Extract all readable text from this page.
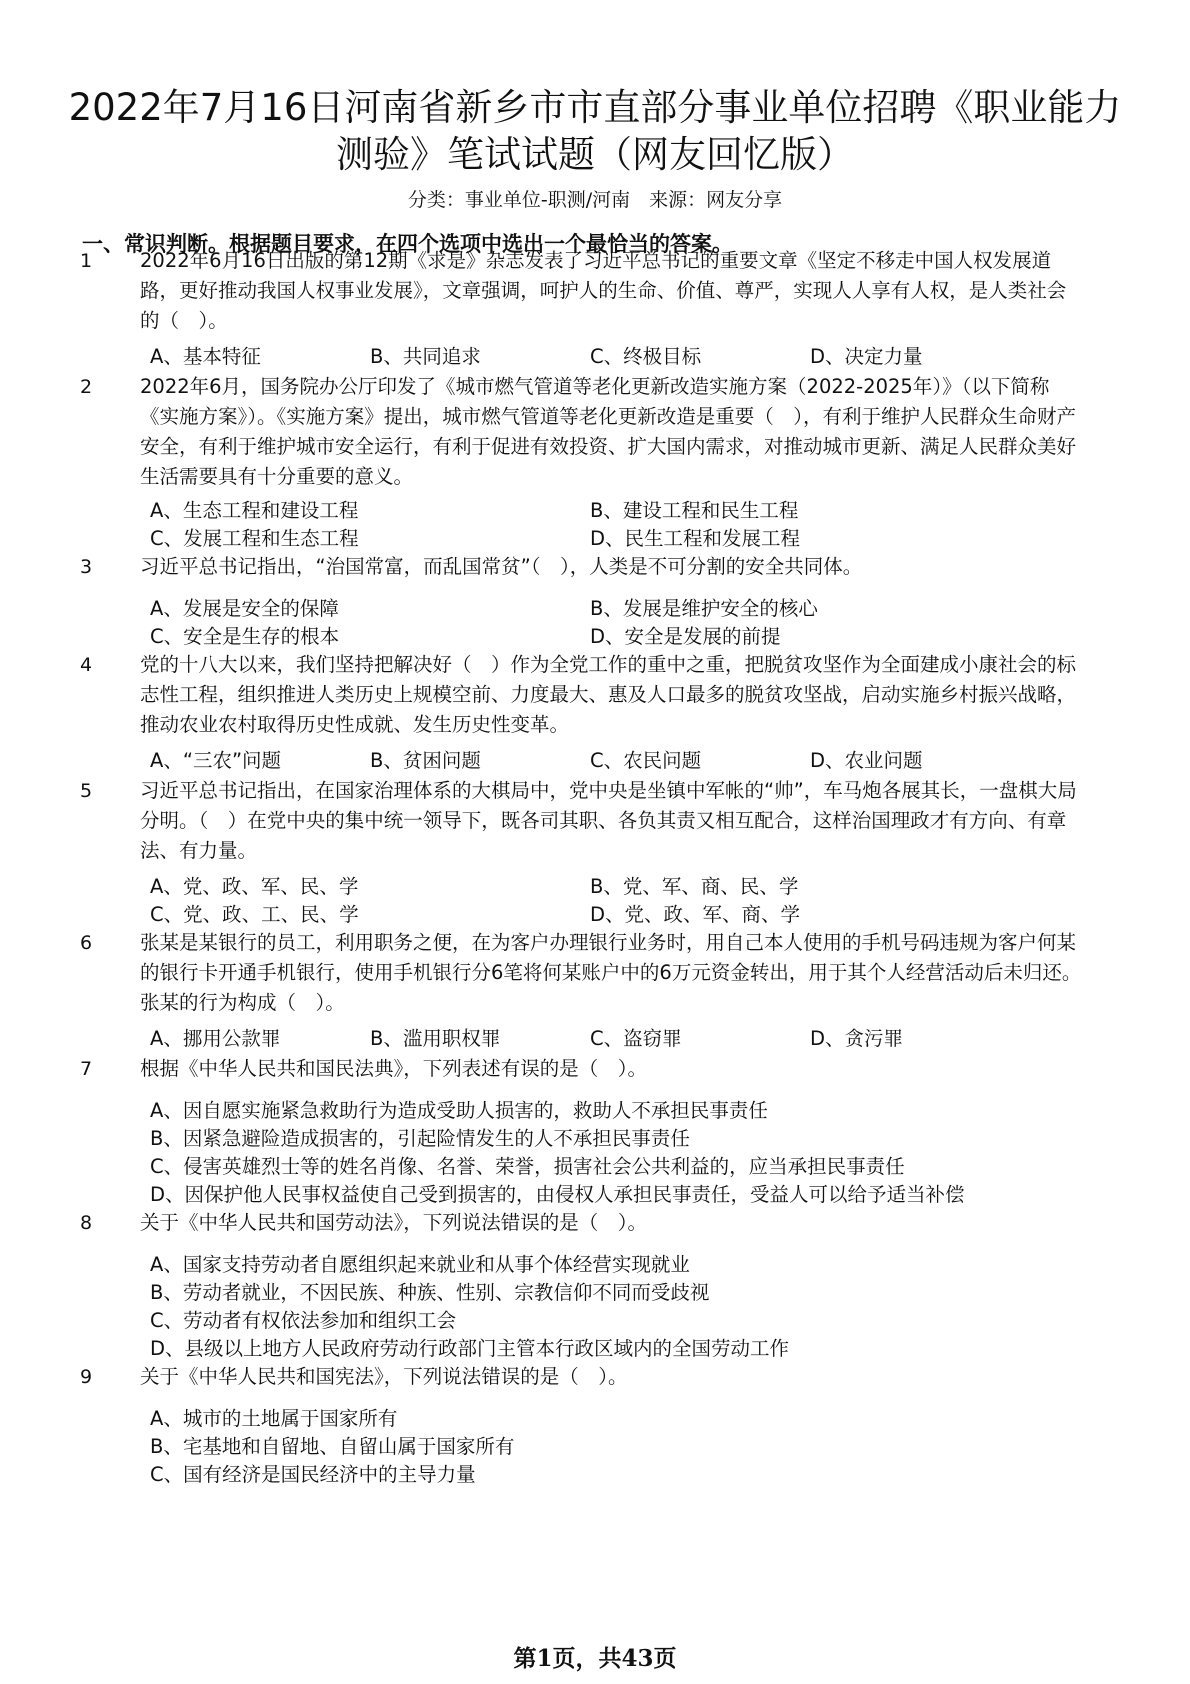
2022年7月16日河南省新乡市市直部分事业单位招聘《职业能力测验》笔试试题（网友回忆版）
分类：事业单位-职测/河南　来源：网友分享
一、常识判断。根据题目要求，在四个选项中选出一个最恰当的答案。
1 2022年6月16日出版的第12期《求是》杂志发表了习近平总书记的重要文章《坚定不移走中国人权发展道路，更好推动我国人权事业发展》，文章强调，呵护人的生命、价值、尊严，实现人人享有人权，是人类社会的（　）。
A、基本特征	B、共同追求	C、终极目标	D、决定力量
2 2022年6月，国务院办公厅印发了《城市燃气管道等老化更新改造实施方案（2022-2025年）》（以下简称《实施方案》）。《实施方案》提出，城市燃气管道等老化更新改造是重要（　），有利于维护人民群众生命财产安全，有利于维护城市安全运行，有利于促进有效投资、扩大国内需求，对推动城市更新、满足人民群众美好生活需要具有十分重要的意义。
A、生态工程和建设工程	B、建设工程和民生工程
C、发展工程和生态工程	D、民生工程和发展工程
3 习近平总书记指出，“治国常富，而乱国常贫”（　），人类是不可分割的安全共同体。
A、发展是安全的保障	B、发展是维护安全的核心
C、安全是生存的根本	D、安全是发展的前提
4 党的十八大以来，我们坚持把解决好（　）作为全党工作的重中之重，把脱贫攻坚作为全面建成小康社会的标志性工程，组织推进人类历史上规模空前、力度最大、惠及人口最多的脱贫攻坚战，启动实施乡村振兴战略，推动农业农村取得历史性成就、发生历史性变革。
A、“三农”问题	B、贫困问题	C、农民问题	D、农业问题
5 习近平总书记指出，在国家治理体系的大棋局中，党中央是坐镇中军帐的“帅”，车马炮各展其长，一盘棋大局分明。（　）在党中央的集中统一领导下，既各司其职、各负其责又相互配合，这样治国理政才有方向、有章法、有力量。
A、党、政、军、民、学	B、党、军、商、民、学
C、党、政、工、民、学	D、党、政、军、商、学
6 张某是某银行的员工，利用职务之便，在为客户办理银行业务时，用自己本人使用的手机号码违规为客户何某的银行卡开通手机银行，使用手机银行分6笔将何某账户中的6万元资金转出，用于其个人经营活动后未归还。张某的行为构成（　）。
A、挪用公款罪	B、滥用职权罪	C、盗窃罪	D、贪污罪
7 根据《中华人民共和国民法典》，下列表述有误的是（　）。
A、因自愿实施紧急救助行为造成受助人损害的，救助人不承担民事责任
B、因紧急避险造成损害的，引起险情发生的人不承担民事责任
C、侵害英雄烈士等的姓名肖像、名誉、荣誉，损害社会公共利益的，应当承担民事责任
D、因保护他人民事权益使自己受到损害的，由侵权人承担民事责任，受益人可以给予适当补偿
8 关于《中华人民共和国劳动法》，下列说法错误的是（　）。
A、国家支持劳动者自愿组织起来就业和从事个体经营实现就业
B、劳动者就业，不因民族、种族、性别、宗教信仰不同而受歧视
C、劳动者有权依法参加和组织工会
D、县级以上地方人民政府劳动行政部门主管本行政区域内的全国劳动工作
9 关于《中华人民共和国宪法》，下列说法错误的是（　）。
A、城市的土地属于国家所有
B、宅基地和自留地、自留山属于国家所有
C、国有经济是国民经济中的主导力量
第1页，共43页
